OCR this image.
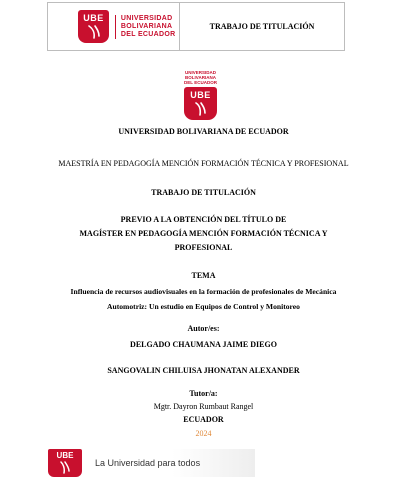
UBE	UNIVERSIDAD
BOLIVARIANA
DEL ECUADOR
TRABAJO DE TITULACIÓN
UNIVERSIDAD
BOLIVARIANA
DEL ECUADOR
UBE
UNIVERSIDAD BOLIVARIANA DE ECUADOR
MAESTRÍA EN PEDAGOGÍA MENCIÓN FORMACIÓN TÉCNICA Y PROFESIONAL
TRABAJO DE TITULACIÓN
PREVIO A LA OBTENCIÓN DEL TÍTULO DE
MAGÍSTER EN PEDAGOGÍA MENCIÓN FORMACIÓN TÉCNICA Y
PROFESIONAL
TEMA
Influencia de recursos audiovisuales en la formación de profesionales de Mecánica
Automotriz: Un estudio en Equipos de Control y Monitoreo
Autor/es:
DELGADO CHAUMANA JAIME DIEGO
SANGOVALIN CHILUISA JHONATAN ALEXANDER
Tutor/a:
Mgtr. Dayron Rumbaut Rangel
ECUADOR
2024
UBE
La Universidad para todos
